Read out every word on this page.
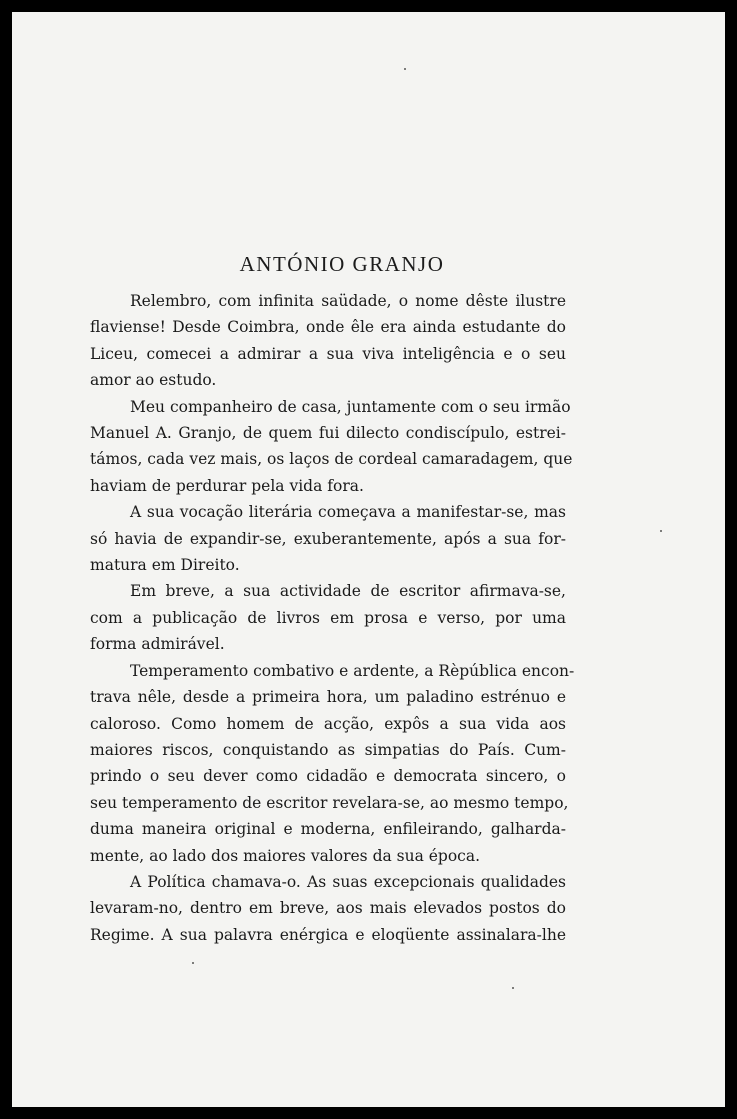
ANTÓNIO GRANJO

Relembro, com infinita saüdade, o nome dêste ilustre
flaviense! Desde Coimbra, onde êle era ainda estudante do
Liceu, comecei a admirar a sua viva inteligência e o seu
amor ao estudo.

Meu companheiro de casa, juntamente com o seu irmão
Manuel A. Granjo, de quem fui dilecto condiscípulo, estrei-
támos, cada vez mais, os laços de cordeal camaradagem, que
haviam de perdurar pela vida fora.

A sua vocação literária começava a manifestar-se, mas
só havia de expandir-se, exuberantemente, após a sua for-
matura em Direito.

Em breve, a sua actividade de escritor afirmava-se,
com a publicação de livros em prosa e verso, por uma
forma admirável.

Temperamento combativo e ardente, a Rèpública encon-
trava nêle, desde a primeira hora, um paladino estrénuo e
caloroso. Como homem de acção, expôs a sua vida aos
maiores riscos, conquistando as simpatias do País. Cum-
prindo o seu dever como cidadão e democrata sincero, o
seu temperamento de escritor revelara-se, ao mesmo tempo,
duma maneira original e moderna, enfileirando, galharda-
mente, ao lado dos maiores valores da sua época.

A Política chamava-o. As suas excepcionais qualidades
levaram-no, dentro em breve, aos mais elevados postos do
Regime. A sua palavra enérgica e eloqüente assinalara-lhe
